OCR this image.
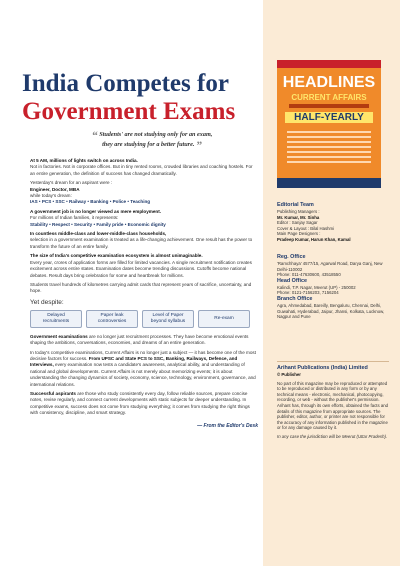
India Competes for
Government Exams
“ Students' are not studying only for an exam,
they are studying for a better future. ”

At 5 AM, millions of lights switch on across India.
Not in factories. Not in corporate offices. But in tiny rented rooms, crowded libraries and coaching hostels. For an entire generation, the definition of success has changed dramatically.

Yesterday's dream for an aspirant were :
Engineer, Doctor, MBA
while today's dream:
IAS • PCS • SSC • Railway • Banking • Police • Teaching

A government job is no longer viewed as mere employment.
For millions of Indian families, it represents:
Stability • Respect • Security • Family pride • Economic dignity

In countless middle-class and lower-middle-class households,
selection in a government examination is treated as a life-changing achievement. One result has the power to transform the future of an entire family.

The size of India's competitive examination ecosystem is almost unimaginable.
Every year, crores of application forms are filled for limited vacancies. A single recruitment notification creates excitement across entire states. Examination dates become trending discussions. Cutoffs become national debates. Result days bring celebration for some and heartbreak for millions.

Students travel hundreds of kilometres carrying admit cards that represent years of sacrifice, uncertainty, and hope.

Yet despite:
Delayed recruitments
Paper leak controversies
Level of Paper beyond syllabus
Re-exam

Government examinations are no longer just recruitment processes. They have become emotional events shaping the ambitions, conversations, economies, and dreams of an entire generation.

In today's competitive examinations, Current Affairs is no longer just a subject — it has become one of the most decisive factors for success. From UPSC and State PCS to SSC, Banking, Railways, Defence, and Interviews, every examination now tests a candidate's awareness, analytical ability, and understanding of national and global developments. Current Affairs is not merely about memorizing events; it is about understanding the changing dynamics of society, economy, science, technology, environment, governance, and international relations.

Successful aspirants are those who study consistently every day, follow reliable sources, prepare concise notes, revise regularly, and connect current developments with static subjects for deeper understanding. In competitive exams, success does not come from studying everything; it comes from studying the right things with consistency, discipline, and smart strategy.

— From the Editor's Desk
HEADLINES
CURRENT AFFAIRS
HALF-YEARLY
Editorial Team
Publishing Managers :
Mr. Kumar, Mr. Sinha
Editor : Sanjay Sagar
Cover & Layout : Bilal Hashmi
Main Page Designers :
Pradeep Kumar, Harun Khan, Kamal
Reg. Office
'Ramchhaya' 4577/15, Agarwal Road, Darya Ganj, New Delhi-110002
Phone: 011-47630600, 43518550
Head Office
Kalindi, T.P. Nagar, Meerut (UP) - 250002
Phone: 0121-7156203, 7156204
Branch Office
Agra, Ahmedabad, Bareilly, Bengaluru, Chennai, Delhi, Guwahati, Hyderabad, Jaipur, Jhansi, Kolkata, Lucknow, Nagpur and Pune
Arihant Publications (India) Limited
© Publisher
No part of this magazine may be reproduced or attempted to be reproduced or distributed in any form or by any technical means - electronic, mechanical, photocopying, recording, or web - without the publisher's permission. Arihant has, through its own efforts, obtained the facts and details of this magazine from appropriate sources. The publisher, editor, author, or printer are not responsible for the accuracy of any information published in the magazine or for any damage caused by it.
In any case the jurisdiction will be Meerut (Uttar Pradesh).
